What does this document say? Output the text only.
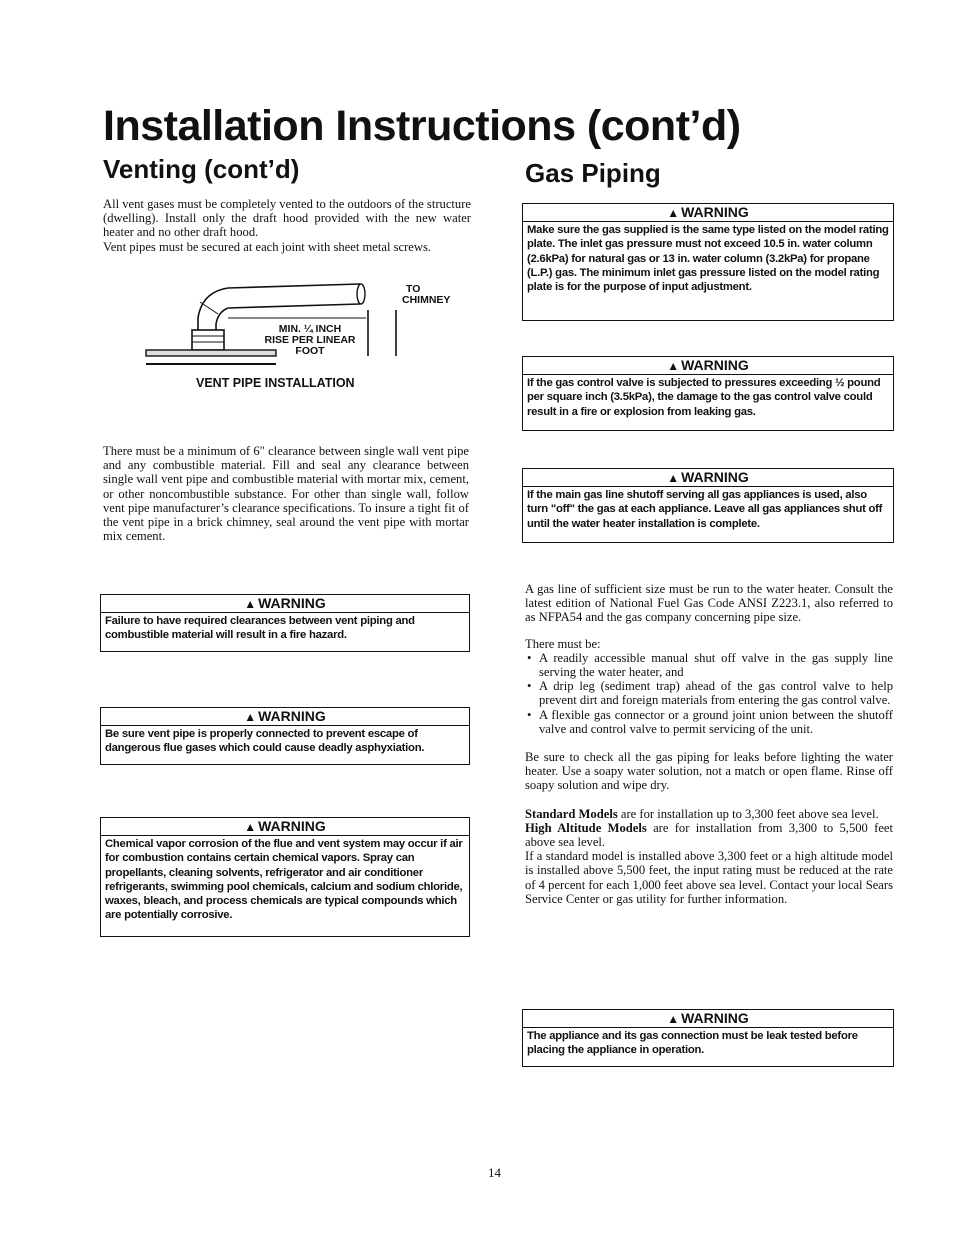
Installation Instructions (cont’d)
Venting (cont’d)

All vent gases must be completely vented to the outdoors of the structure (dwelling). Install only the draft hood provided with the new water heater and no other draft hood.

Vent pipes must be secured at each joint with sheet metal screws.

TO
CHIMNEY
MIN. ¼ INCH
RISE PER LINEAR
FOOT
VENT PIPE INSTALLATION

There must be a minimum of 6" clearance between single wall vent pipe and any combustible material. Fill and seal any clearance between single wall vent pipe and combustible material with mortar mix, cement, or other noncombustible substance. For other than single wall, follow vent pipe manufacturer’s clearance specifications. To insure a tight fit of the vent pipe in a brick chimney, seal around the vent pipe with mortar mix cement.

▲ WARNING
Failure to have required clearances between vent piping and combustible material will result in a fire hazard.
▲ WARNING
Be sure vent pipe is properly connected to prevent escape of dangerous flue gases which could cause deadly asphyxiation.
▲ WARNING
Chemical vapor corrosion of the flue and vent system may occur if air for combustion contains certain chemical vapors. Spray can propellants, cleaning solvents, refrigerator and air conditioner refrigerants, swimming pool chemicals, calcium and sodium chloride, waxes, bleach, and process chemicals are typical compounds which are potentially corrosive.
Gas Piping
▲ WARNING
Make sure the gas supplied is the same type listed on the model rating plate. The inlet gas pressure must not exceed 10.5 in. water column (2.6kPa) for natural gas or 13 in. water column (3.2kPa) for propane (L.P.) gas. The minimum inlet gas pressure listed on the model rating plate is for the purpose of input adjustment.
▲ WARNING
If the gas control valve is subjected to pressures exceeding ½ pound per square inch (3.5kPa), the damage to the gas control valve could result in a fire or explosion from leaking gas.
▲ WARNING
If the main gas line shutoff serving all gas appliances is used, also turn "off" the gas at each appliance. Leave all gas appliances shut off until the water heater installation is complete.

A gas line of sufficient size must be run to the water heater. Consult the latest edition of National Fuel Gas Code ANSI Z223.1, also referred to as NFPA54 and the gas company concerning pipe size.

There must be:

• A readily accessible manual shut off valve in the gas supply line serving the water heater, and
• A drip leg (sediment trap) ahead of the gas control valve to help prevent dirt and foreign materials from entering the gas control valve.
• A flexible gas connector or a ground joint union between the shutoff valve and control valve to permit servicing of the unit.

Be sure to check all the gas piping for leaks before lighting the water heater. Use a soapy water solution, not a match or open flame. Rinse off soapy solution and wipe dry.

Standard Models are for installation up to 3,300 feet above sea level.

High Altitude Models are for installation from 3,300 to 5,500 feet above sea level.

If a standard model is installed above 3,300 feet or a high altitude model is installed above 5,500 feet, the input rating must be reduced at the rate of 4 percent for each 1,000 feet above sea level. Contact your local Sears Service Center or gas utility for further information.

▲ WARNING
The appliance and its gas connection must be leak tested before placing the appliance in operation.
14
